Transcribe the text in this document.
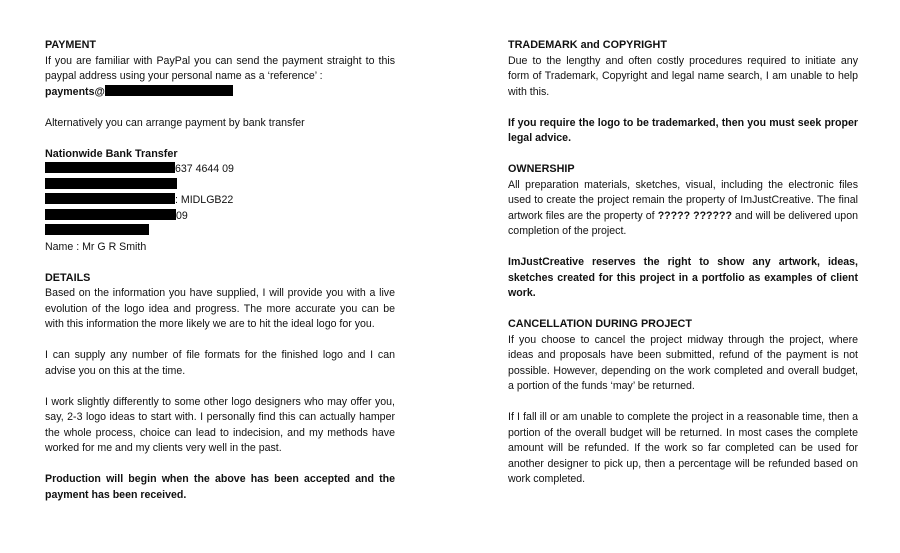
PAYMENT

If you are familiar with PayPal you can send the payment straight to this paypal address using your personal name as a ‘reference’ :

payments@

Alternatively you can arrange payment by bank transfer

Nationwide Bank Transfer
637 4644 09
: MIDLGB22
09
Name : Mr G R Smith
DETAILS

Based on the information you have supplied, I will provide you with a live evolution of the logo idea and progress. The more accurate you can be with this information the more likely we are to hit the ideal logo for you.

I can supply any number of file formats for the finished logo and I can advise you on this at the time.

I work slightly differently to some other logo designers who may offer you, say, 2-3 logo ideas to start with. I personally find this can actually hamper the whole process, choice can lead to indecision, and my methods have worked for me and my clients very well in the past.

Production will begin when the above has been accepted and the payment has been received.

TRADEMARK and COPYRIGHT

Due to the lengthy and often costly procedures required to initiate any form of Trademark, Copyright and legal name search, I am unable to help with this.

If you require the logo to be trademarked, then you must seek proper legal advice.

OWNERSHIP

All preparation materials, sketches, visual, including the electronic files used to create the project remain the property of ImJustCreative. The final artwork files are the property of ????? ?????? and will be delivered upon completion of the project.

ImJustCreative reserves the right to show any artwork, ideas, sketches created for this project in a portfolio as examples of client work.

CANCELLATION DURING PROJECT

If you choose to cancel the project midway through the project, where ideas and proposals have been submitted, refund of the payment is not possible. However, depending on the work completed and overall budget, a portion of the funds ‘may’ be returned.

If I fall ill or am unable to complete the project in a reasonable time, then a portion of the overall budget will be returned. In most cases the complete amount will be refunded. If the work so far completed can be used for another designer to pick up, then a percentage will be refunded based on work completed.
